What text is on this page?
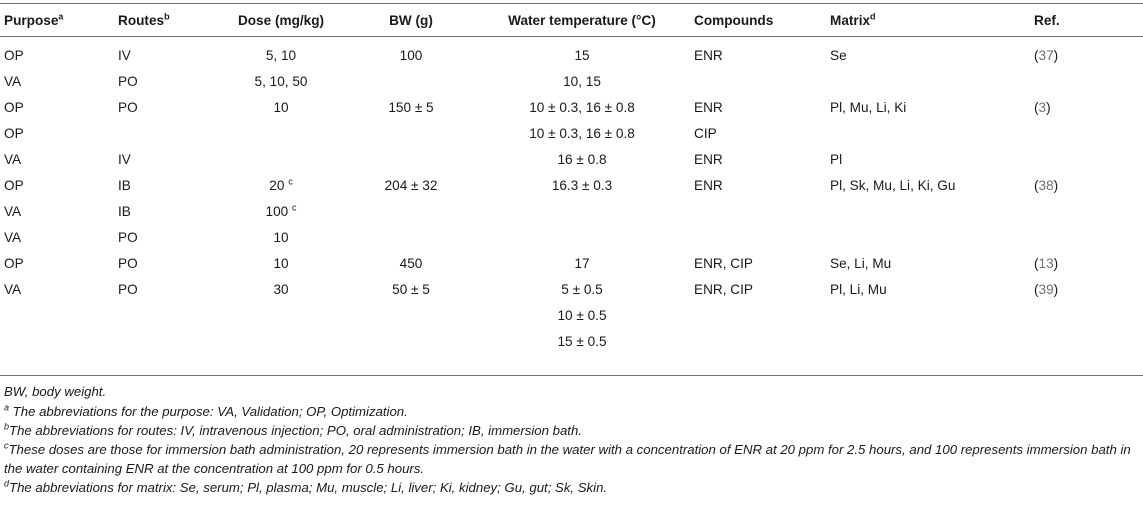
Purpose$^a$	Routes$^b$	Dose (mg/kg)	BW (g)	Water temperature (°C)	Compounds	Matrix$^d$	Ref.
OP	IV	5, 10	100	15	ENR	Se	(37)
VA	PO	5, 10, 50		10, 15			
OP	PO	10	150 ± 5	10 ± 0.3, 16 ± 0.8	ENR	Pl, Mu, Li, Ki	(3)
OP				10 ± 0.3, 16 ± 0.8	CIP		
VA	IV			16 ± 0.8	ENR	Pl	
OP	IB	20 $^c$	204 ± 32	16.3 ± 0.3	ENR	Pl, Sk, Mu, Li, Ki, Gu	(38)
VA	IB	100 $^c$					
VA	PO	10					
OP	PO	10	450	17	ENR, CIP	Se, Li, Mu	(13)
VA	PO	30	50 ± 5	5 ± 0.5	ENR, CIP	Pl, Li, Mu	(39)
				10 ± 0.5			
				15 ± 0.5			
BW, body weight.
$^a$ The abbreviations for the purpose: VA, Validation; OP, Optimization.
$^b$The abbreviations for routes: IV, intravenous injection; PO, oral administration; IB, immersion bath.
$^c$These doses are those for immersion bath administration, 20 represents immersion bath in the water with a concentration of ENR at 20 ppm for 2.5 hours, and 100 represents immersion bath in the water containing ENR at the concentration at 100 ppm for 0.5 hours.
$^d$The abbreviations for matrix: Se, serum; Pl, plasma; Mu, muscle; Li, liver; Ki, kidney; Gu, gut; Sk, Skin.
